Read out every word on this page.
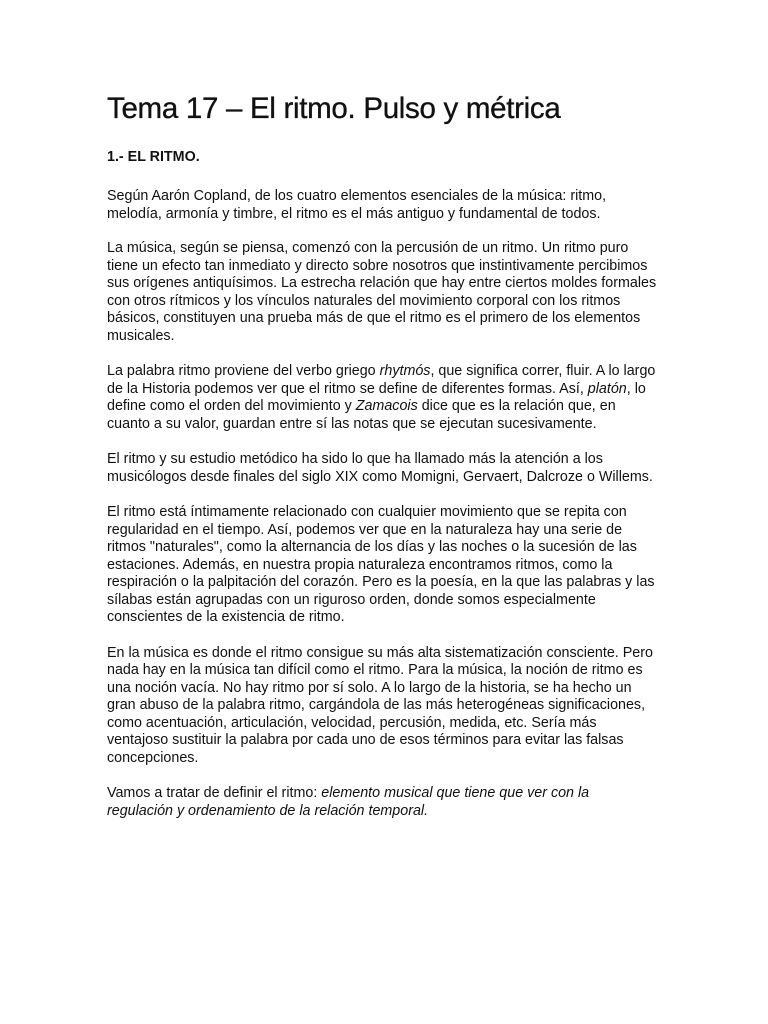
Tema 17 – El ritmo. Pulso y métrica
1.- EL RITMO.

Según Aarón Copland, de los cuatro elementos esenciales de la música: ritmo, melodía, armonía y timbre, el ritmo es el más antiguo y fundamental de todos.

La música, según se piensa, comenzó con la percusión de un ritmo. Un ritmo puro tiene un efecto tan inmediato y directo sobre nosotros que instintivamente percibimos sus orígenes antiquísimos. La estrecha relación que hay entre ciertos moldes formales con otros rítmicos y los vínculos naturales del movimiento corporal con los ritmos básicos, constituyen una prueba más de que el ritmo es el primero de los elementos musicales.

La palabra ritmo proviene del verbo griego rhytmós, que significa correr, fluir. A lo largo de la Historia podemos ver que el ritmo se define de diferentes formas. Así, platón, lo define como el orden del movimiento y Zamacois dice que es la relación que, en cuanto a su valor, guardan entre sí las notas que se ejecutan sucesivamente.

El ritmo y su estudio metódico ha sido lo que ha llamado más la atención a los musicólogos desde finales del siglo XIX como Momigni, Gervaert, Dalcroze o Willems.

El ritmo está íntimamente relacionado con cualquier movimiento que se repita con regularidad en el tiempo. Así, podemos ver que en la naturaleza hay una serie de ritmos "naturales", como la alternancia de los días y las noches o la sucesión de las estaciones. Además, en nuestra propia naturaleza encontramos ritmos, como la respiración o la palpitación del corazón. Pero es la poesía, en la que las palabras y las sílabas están agrupadas con un riguroso orden, donde somos especialmente conscientes de la existencia de ritmo.

En la música es donde el ritmo consigue su más alta sistematización consciente. Pero nada hay en la música tan difícil como el ritmo. Para la música, la noción de ritmo es una noción vacía. No hay ritmo por sí solo. A lo largo de la historia, se ha hecho un gran abuso de la palabra ritmo, cargándola de las más heterogéneas significaciones, como acentuación, articulación, velocidad, percusión, medida, etc. Sería más ventajoso sustituir la palabra por cada uno de esos términos para evitar las falsas concepciones.

Vamos a tratar de definir el ritmo: elemento musical que tiene que ver con la regulación y ordenamiento de la relación temporal.
